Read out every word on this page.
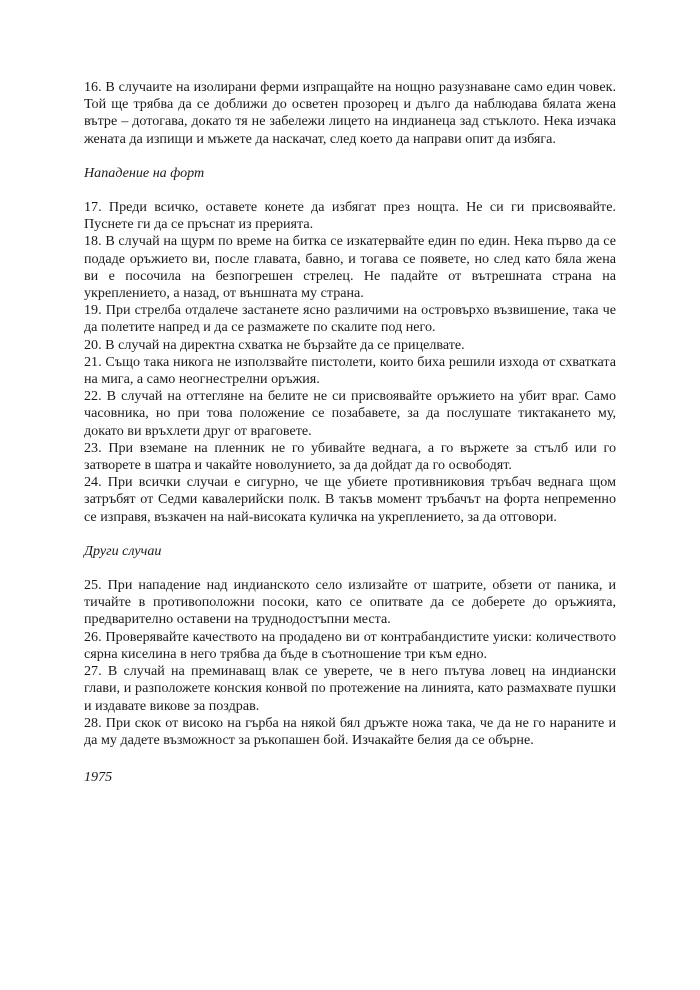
16. В случаите на изолирани ферми изпращайте на нощно разузнаване само един човек. Той ще трябва да се доближи до осветен прозорец и дълго да наблюдава бялата жена вътре – дотогава, докато тя не забележи лицето на индианеца зад стъклото. Нека изчака жената да изпищи и мъжете да наскачат, след което да направи опит да избяга.

Нападение на форт

17. Преди всичко, оставете конете да избягат през нощта. Не си ги присвоявайте. Пуснете ги да се пръснат из прерията.

18. В случай на щурм по време на битка се изкатервайте един по един. Нека първо да се подаде оръжието ви, после главата, бавно, и тогава се появете, но след като бяла жена ви е посочила на безпогрешен стрелец. Не падайте от вътрешната страна на укреплението, а назад, от външната му страна.

19. При стрелба отдалече застанете ясно различими на островърхо възвишение, така че да полетите напред и да се размажете по скалите под него.

20. В случай на директна схватка не бързайте да се прицелвате.

21. Също така никога не използвайте пистолети, които биха решили изхода от схватката на мига, а само неогнестрелни оръжия.

22. В случай на оттегляне на белите не си присвоявайте оръжието на убит враг. Само часовника, но при това положение се позабавете, за да послушате тиктакането му, докато ви връхлети друг от враговете.

23. При вземане на пленник не го убивайте веднага, а го вържете за стълб или го затворете в шатра и чакайте новолунието, за да дойдат да го освободят.

24. При всички случаи е сигурно, че ще убиете противниковия тръбач веднага щом затръбят от Седми кавалерийски полк. В такъв момент тръбачът на форта непременно се изправя, възкачен на най-високата куличка на укреплението, за да отговори.

Други случаи

25. При нападение над индианското село излизайте от шатрите, обзети от паника, и тичайте в противоположни посоки, като се опитвате да се доберете до оръжията, предварително оставени на труднодостъпни места.

26. Проверявайте качеството на продадено ви от контрабандистите уиски: количеството сярна киселина в него трябва да бъде в съотношение три към едно.

27. В случай на преминаващ влак се уверете, че в него пътува ловец на индиански глави, и разположете конския конвой по протежение на линията, като размахвате пушки и издавате викове за поздрав.

28. При скок от високо на гърба на някой бял дръжте ножа така, че да не го нараните и да му дадете възможност за ръкопашен бой. Изчакайте белия да се обърне.

1975
